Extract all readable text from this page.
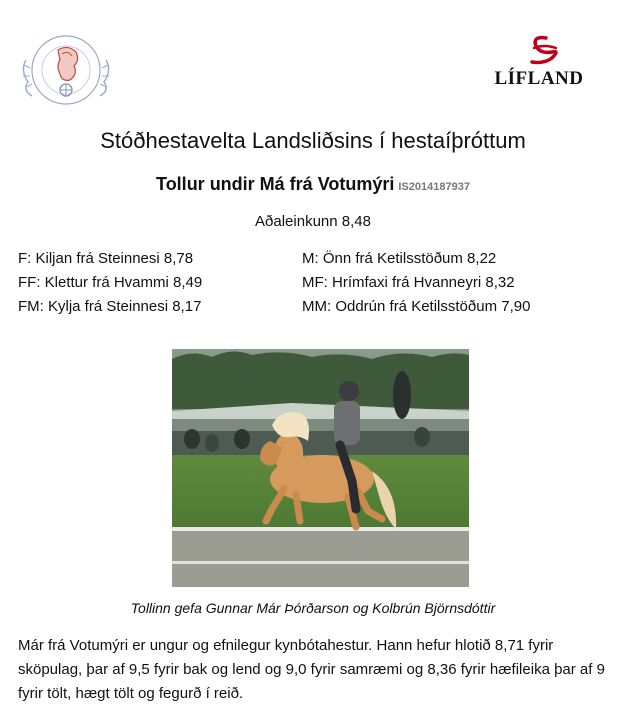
LÍFLAND
Stóðhestavelta Landsliðsins í hestaíþróttum
Tollur undir Má frá Votumýri IS2014187937
Aðaleinkunn 8,48
F: Kiljan frá Steinnesi 8,78
FF: Klettur frá Hvammi 8,49
FM: Kylja frá Steinnesi 8,17
M: Önn frá Ketilsstöðum 8,22
MF: Hrímfaxi frá Hvanneyri 8,32
MM: Oddrún frá Ketilsstöðum 7,90
Tollinn gefa Gunnar Már Þórðarson og Kolbrún Björnsdóttir
Már frá Votumýri er ungur og efnilegur kynbótahestur. Hann hefur hlotið 8,71 fyrir sköpulag, þar af 9,5 fyrir bak og lend og 9,0 fyrir samræmi og 8,36 fyrir hæfileika þar af 9 fyrir tölt, hægt tölt og fegurð í reið.
